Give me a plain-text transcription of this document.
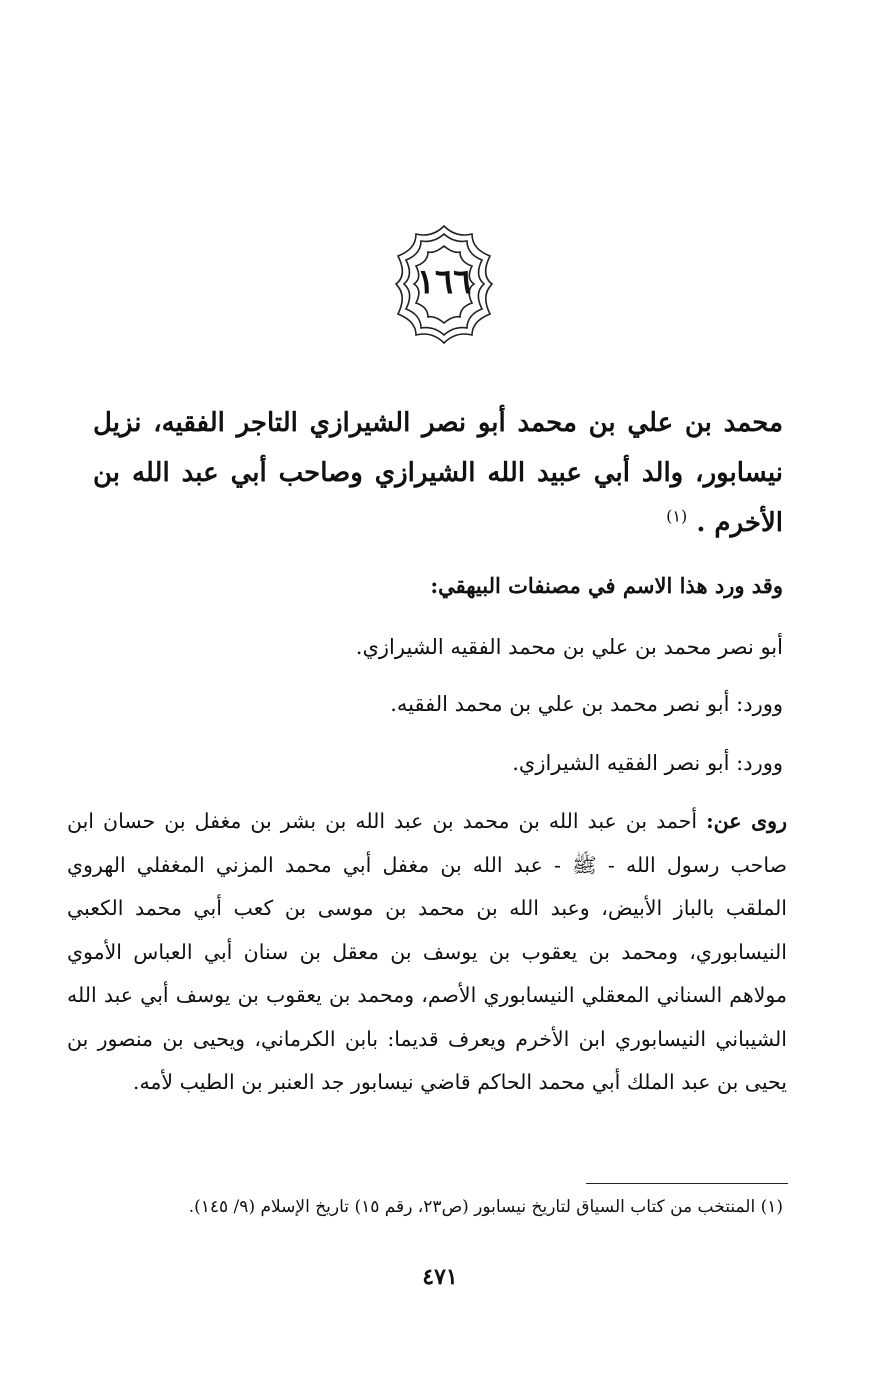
١٦٦
محمد بن علي بن محمد أبو نصر الشيرازي التاجر الفقيه، نزيل نيسابور، والد أبي عبيد الله الشيرازي وصاحب أبي عبد الله بن الأخرم . $^{(١)}$
وقد ورد هذا الاسم في مصنفات البيهقي:
أبو نصر محمد بن علي بن محمد الفقيه الشيرازي.
وورد: أبو نصر محمد بن علي بن محمد الفقيه.
وورد: أبو نصر الفقيه الشيرازي.
روى عن: أحمد بن عبد الله بن محمد بن عبد الله بن بشر بن مغفل بن حسان ابن صاحب رسول الله - ﷺ - عبد الله بن مغفل أبي محمد المزني المغفلي الهروي الملقب بالباز الأبيض، وعبد الله بن محمد بن موسى بن كعب أبي محمد الكعبي النيسابوري، ومحمد بن يعقوب بن يوسف بن معقل بن سنان أبي العباس الأموي مولاهم السناني المعقلي النيسابوري الأصم، ومحمد بن يعقوب بن يوسف أبي عبد الله الشيباني النيسابوري ابن الأخرم ويعرف قديما: بابن الكرماني، ويحيى بن منصور بن يحيى بن عبد الملك أبي محمد الحاكم قاضي نيسابور جد العنبر بن الطيب لأمه.
(١) المنتخب من كتاب السياق لتاريخ نيسابور (ص٢٣، رقم ١٥) تاريخ الإسلام (٩/ ١٤٥).
٤٧١
